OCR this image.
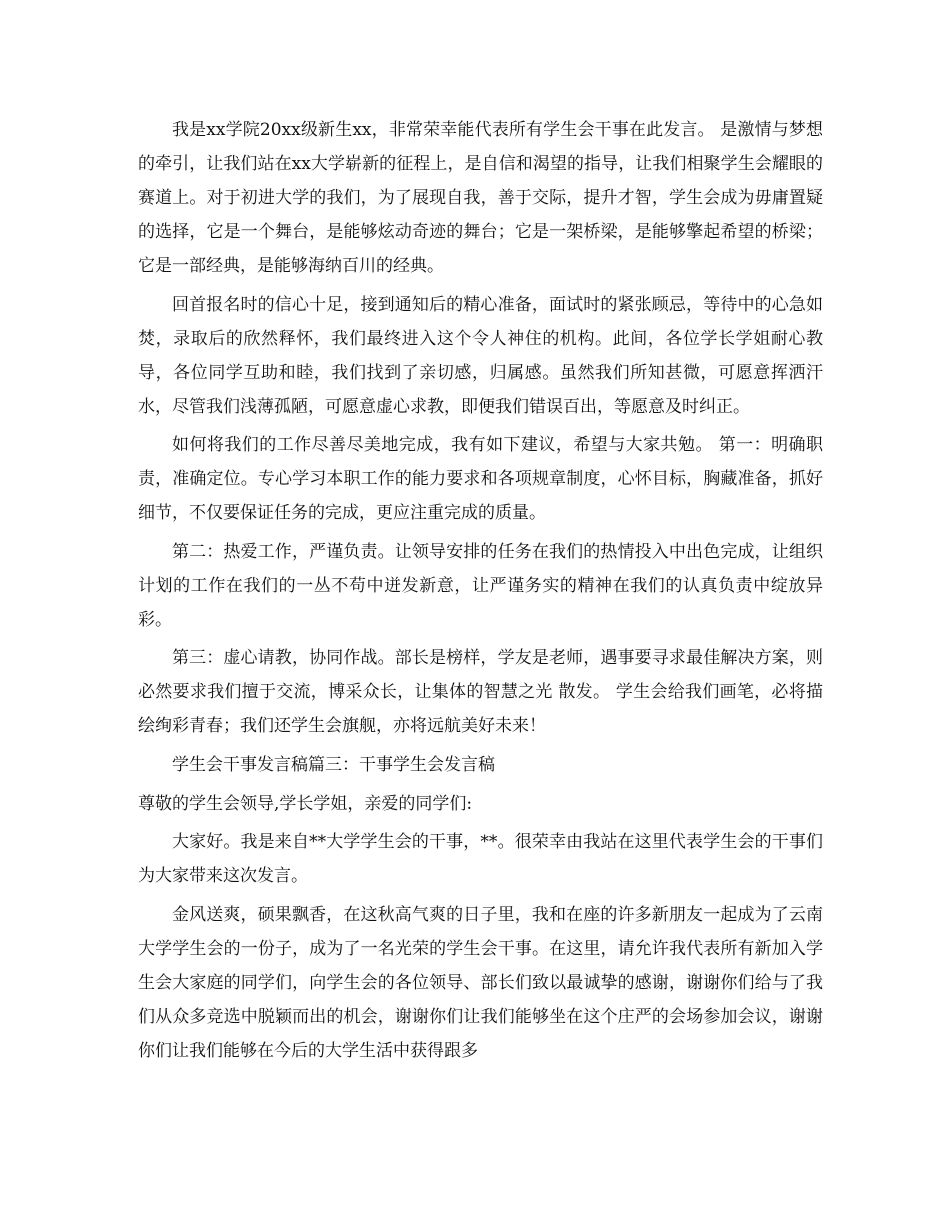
我是xx学院20xx级新生xx，非常荣幸能代表所有学生会干事在此发言。 是激情与梦想的牵引，让我们站在xx大学崭新的征程上，是自信和渴望的指导，让我们相聚学生会耀眼的赛道上。对于初进大学的我们，为了展现自我，善于交际，提升才智，学生会成为毋庸置疑的选择，它是一个舞台，是能够炫动奇迹的舞台；它是一架桥梁，是能够擎起希望的桥梁；它是一部经典，是能够海纳百川的经典。

回首报名时的信心十足，接到通知后的精心准备，面试时的紧张顾忌，等待中的心急如焚，录取后的欣然释怀，我们最终进入这个令人神住的机构。此间，各位学长学姐耐心教导，各位同学互助和睦，我们找到了亲切感，归属感。虽然我们所知甚微，可愿意挥洒汗水，尽管我们浅薄孤陋，可愿意虚心求教，即便我们错误百出，等愿意及时纠正。

如何将我们的工作尽善尽美地完成，我有如下建议，希望与大家共勉。 第一：明确职责，准确定位。专心学习本职工作的能力要求和各项规章制度，心怀目标，胸藏准备，抓好细节，不仅要保证任务的完成，更应注重完成的质量。

第二：热爱工作，严谨负责。让领导安排的任务在我们的热情投入中出色完成，让组织计划的工作在我们的一丛不苟中迸发新意，让严谨务实的精神在我们的认真负责中绽放异彩。

第三：虚心请教，协同作战。部长是榜样，学友是老师，遇事要寻求最佳解决方案，则必然要求我们擅于交流，博采众长，让集体的智慧之光 散发。 学生会给我们画笔，必将描绘绚彩青春；我们还学生会旗舰，亦将远航美好未来！

学生会干事发言稿篇三：干事学生会发言稿

尊敬的学生会领导,学长学姐，亲爱的同学们:

大家好。我是来自**大学学生会的干事，**。很荣幸由我站在这里代表学生会的干事们为大家带来这次发言。

金风送爽，硕果飘香，在这秋高气爽的日子里，我和在座的许多新朋友一起成为了云南大学学生会的一份子，成为了一名光荣的学生会干事。在这里，请允许我代表所有新加入学生会大家庭的同学们，向学生会的各位领导、部长们致以最诚挚的感谢，谢谢你们给与了我们从众多竞选中脱颖而出的机会，谢谢你们让我们能够坐在这个庄严的会场参加会议，谢谢你们让我们能够在今后的大学生活中获得跟多
